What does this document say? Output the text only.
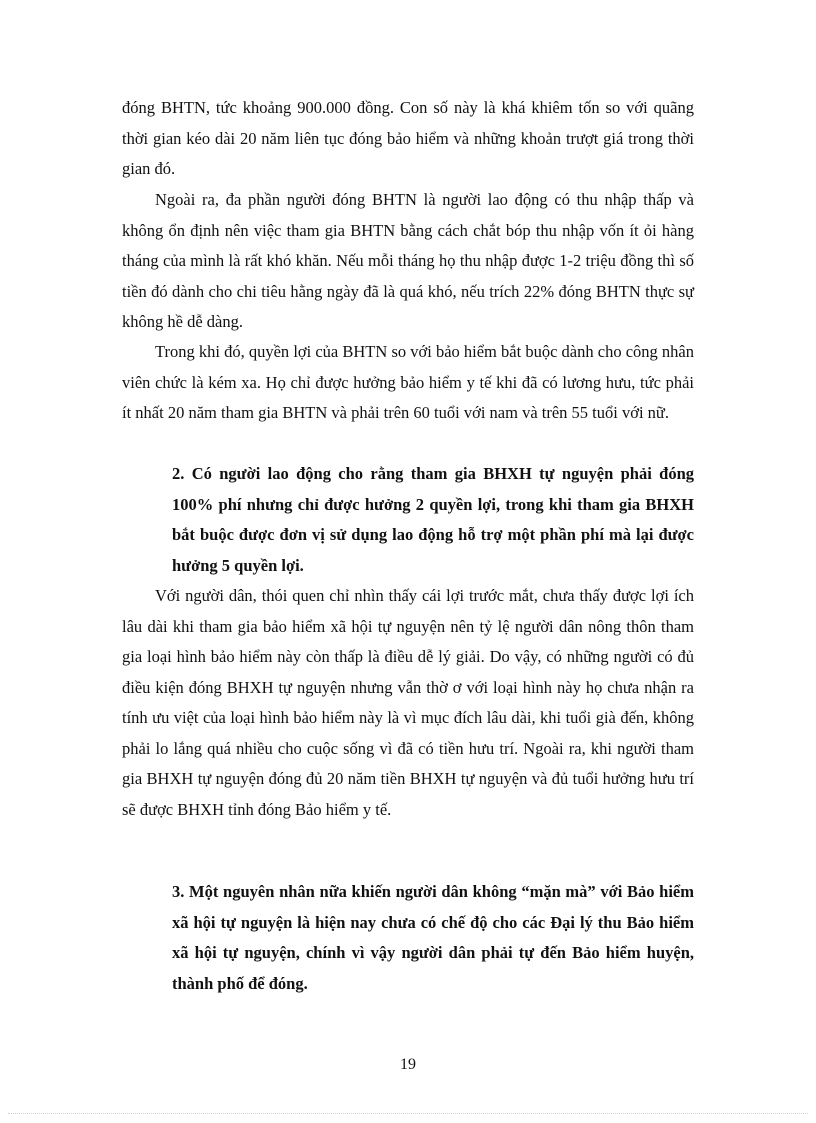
đóng BHTN, tức khoảng 900.000 đồng. Con số này là khá khiêm tốn so với quãng thời gian kéo dài 20 năm liên tục đóng bảo hiểm và những khoản trượt giá trong thời gian đó.

Ngoài ra, đa phần người đóng BHTN là người lao động có thu nhập thấp và không ổn định nên việc tham gia BHTN bằng cách chắt bóp thu nhập vốn ít ỏi hàng tháng của mình là rất khó khăn. Nếu mỗi tháng họ thu nhập được 1-2 triệu đồng thì số tiền đó dành cho chi tiêu hằng ngày đã là quá khó, nếu trích 22% đóng BHTN thực sự không hề dễ dàng.

Trong khi đó, quyền lợi của BHTN so với bảo hiểm bắt buộc dành cho công nhân viên chức là kém xa. Họ chỉ được hưởng bảo hiểm y tế khi đã có lương hưu, tức phải ít nhất 20 năm tham gia BHTN và phải trên 60 tuổi với nam và trên 55 tuổi với nữ.

2. Có người lao động cho rằng tham gia BHXH tự nguyện phải đóng 100% phí nhưng chỉ được hưởng 2 quyền lợi, trong khi tham gia BHXH bắt buộc được đơn vị sử dụng lao động hỗ trợ một phần phí mà lại được hưởng 5 quyền lợi.

Với người dân, thói quen chỉ nhìn thấy cái lợi trước mắt, chưa thấy được lợi ích lâu dài khi tham gia bảo hiểm xã hội tự nguyện nên tỷ lệ người dân nông thôn tham gia loại hình bảo hiểm này còn thấp là điều dễ lý giải. Do vậy, có những người có đủ điều kiện đóng BHXH tự nguyện nhưng vẫn thờ ơ với loại hình này họ chưa nhận ra tính ưu việt của loại hình bảo hiểm này là vì mục đích lâu dài, khi tuổi già đến, không phải lo lắng quá nhiều cho cuộc sống vì đã có tiền hưu trí. Ngoài ra, khi người tham gia BHXH tự nguyện đóng đủ 20 năm tiền BHXH tự nguyện và đủ tuổi hưởng hưu trí sẽ được BHXH tỉnh đóng Bảo hiểm y tế.

3. Một nguyên nhân nữa khiến người dân không “mặn mà” với Bảo hiểm xã hội tự nguyện là hiện nay chưa có chế độ cho các Đại lý thu Bảo hiểm xã hội tự nguyện, chính vì vậy người dân phải tự đến Bảo hiểm huyện, thành phố để đóng.

19
